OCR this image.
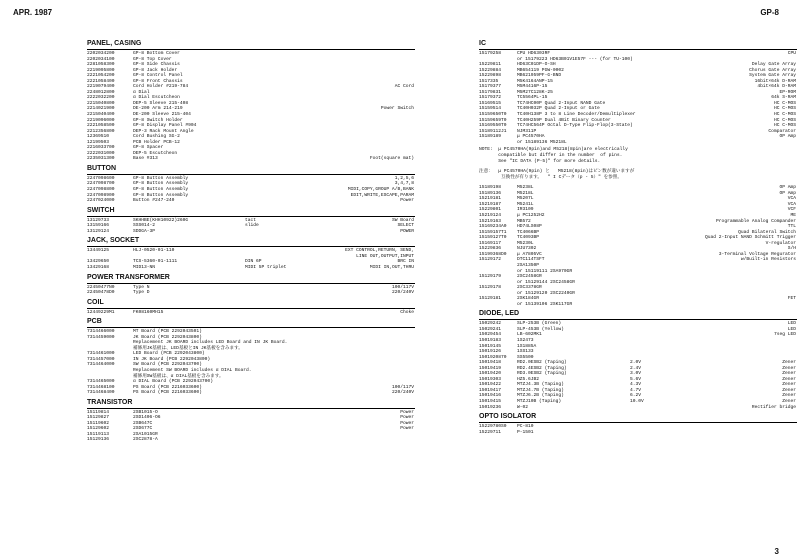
APR. 1987	GP-8
PANEL, CASING
2202034200	GP-8 Bottom Cover
2202034100	GP-8 Top Cover
2281058300	GP-8 Side Chassis
2219095800	GP-8 Jack Holder
2221054200	GP-8 Control Panel
2221058400	GP-8 Front Chassis
2219079400	Cord Holder #219-784	AC Cord
2248012800	α Dial
2222032200	α Dial Escutcheon
2215040800	DEP-5 Sleeve 215-408
2214021900	DE-200 Arm 214-219	Power Switch
2215040400	DE-200 Sleeve 215-404
2219096000	GP-8 Switch Holder
2221058500	GP-8 Display Panel #904
2212356800	DEP-3 Rack Mount Angle
12369510	Cord Bushing SG-2
12199503	PCB Holder PCB-12
2216033700	GP-8 Spacer
2222031000	DEP-5 Escutcheon
2235031300	Base #313	Foot(square mat)
BUTTON
2247098600	GP-8 Button Assembly	1,2,5,6
2247098700	GP-8 Button Assembly	3,4,7,8
2247098800	GP-8 Button Assembly	MIDI,COPY,GROUP A/B,BANK
2247098900	GP-8 Button Assembly	EDIT,WRITE,ESCAPE,PARAM
2247024000	Button #247-240	Power
SWITCH
13129733	SKHHBE(KHH10922)260G	tact	SW Board
13159166	SSS014-2	slide	SELECT
13129124	SDDGA-3P	POWER
JACK, SOCKET
13449125	HLJ-0520-01-110	EXT CONTROL,RETURN, SEND,
LINE OUT,OUTPUT,INPUT
13429650	TCS-5360-01-1111	DIN 6P	BRC IN
13429168	MID13-NN	MIDI 5P triplet	MIDI IN,OUT,THRU
POWER TRANSFORMER
22450477N0	Type N	100/117V
22450478D0	Type D	220/240V
COIL
12449229M1	FK08160MH15	Choke
PCB
7314466000	MT Board (PCB 2292043501)
7314459000	JK Board (PCB 2292043800)
Replacement JK BOARD includes LED Board and IN JK Board.
補修用JK基板は、LED基板とIN JK基板を含みます。
7314461000	LED Board (PCB 2292043800)
7314457000	IN JK Board (PCB 2292043800)
7314464000	SW Board (PCB 2292043700)
Replacement SW BOARD includes α DIAL Board.
補修用SW基板は、α DIAL基板を含みます。
7314465000	α DIAL Board (PCB 2292043700)
7314468100	PS Board (PCB 2216033600)	100/117V
7314468400	PS Board (PCB 2216033600)	220/240V
TRANSISTOR
15119814	2SB1015-O	Power
15129827	2SD1406-O6	Power
15119602	2SB647C	Power
15129602	2SD677C	Power
15119113	2SA1015GR
15129136	2SC2878-A
IC
15179258	CPU HD6303RF	CPU
or 15179223 HD63B01V1E57F --- (for TU-100)
15229811	HD63C01DP-O-SH	Delay Gate Array
15229884	MB654119 PGW-0002	Chorus Gate Array
15229898	MB621959PF-G-BND	System Gate Array
1517335	M5K4164ANP-15	16bit×64k D-RAM
15179377	M5M4416P-15	4bit×64k D-RAM
15179831	M5M27C128K-25	EP-ROM
15179372	TC5564PL-15	64k S-RAM
15169515	TC74HC00P Quad 2-Input NAND Gate	HC C-MOS
15159514	TC40H032P Quad 2-Input or Gate	HC C-MOS
15159650T0	TC40H138P 3 to 8 Line Decoder/Demultiplexer	HC C-MOS
15159659T0	TC40H259P Dual 4Bit Binary Counter	HC C-MOS
15169550T0	TC74HC564P Octal D-Type Flip-Flop(3-State)	HC C-MOS
15189112J1	NJM311P	Comparator
15189189	μ PC4570HA	OP Amp
or 15189136 M5218L
NOTE:  μ PC4570HA(9pin)and M5218(8pin)are electrically
compatible but differ in the number  of pins.
See "IC DATA (P-5)" for more details.
注意：  μ PC4570HA(9pin) と   M5218(8pin)はピン数が違いますが
互換性が有ります。  " I Cデータ（p - 5）" を参照。
15189198	M5238L	OP Amp
15189136	M5218L	OP Amp
15219181	M5207L	VCA
15219187	M5241L	VCA
15229801	IR3109	VCF
15219124	μ PC1252H2	ME
15219163	MB572	Programmable Analog Compander
15169234A0	HD74LS08P	TTL
15159157T1	TC4066BP	Quad Bilateral Switch
15159127T0	TC4093BP	Quad 2-Input NAND Schmitt Trigger
15169117	M5230L	V-regulator
15229836	NJU7302	S/H
15199368D0	μ A7805VC	3-Terminal Voltage Regurator
15129172	DTC114TSFT	w/Built-in Resistors
2SA1350P
or 15119111 2SA970GR
15129179	2SC2458GR
or 15129144 2SC2458GR
15129178	2SC3378GR
or 15129120 2SC2240GR
15129181	2SK184GR	FET
or 15139106 2SK117GR
DIODE, LED
15029242	SLP-253B (Green)	LED
15029241	SLP-453B (Yellow)	LED
15029454	LB-602MK1	7seg LED
15019183	1S2473
15019145	1S1885A
15019126	1SS133
1501920870	SS5500
15019418	RD2.0ESB2 (Taping)	2.0V	Zener
15019419	RD2.4ESB2 (Taping)	2.4V	Zener
15019420	RD3.0ESB2 (Taping)	3.0V	Zener
15019303	HZ5.6JB2	5.6V	Zener
15019422	MTZJ4.3B (Taping)	4.3V	Zener
15019417	MTZJ4.7B (Taping)	4.7V	Zener
15019416	MTZJ6.2B (Taping)	6.2V	Zener
15019415	MTZJ10B (Taping)	10.0V	Zener
15019236	W-02	Rectifier bridge
OPTO ISOLATOR
15229780S0	PC-810
15229711	P-1501
3
